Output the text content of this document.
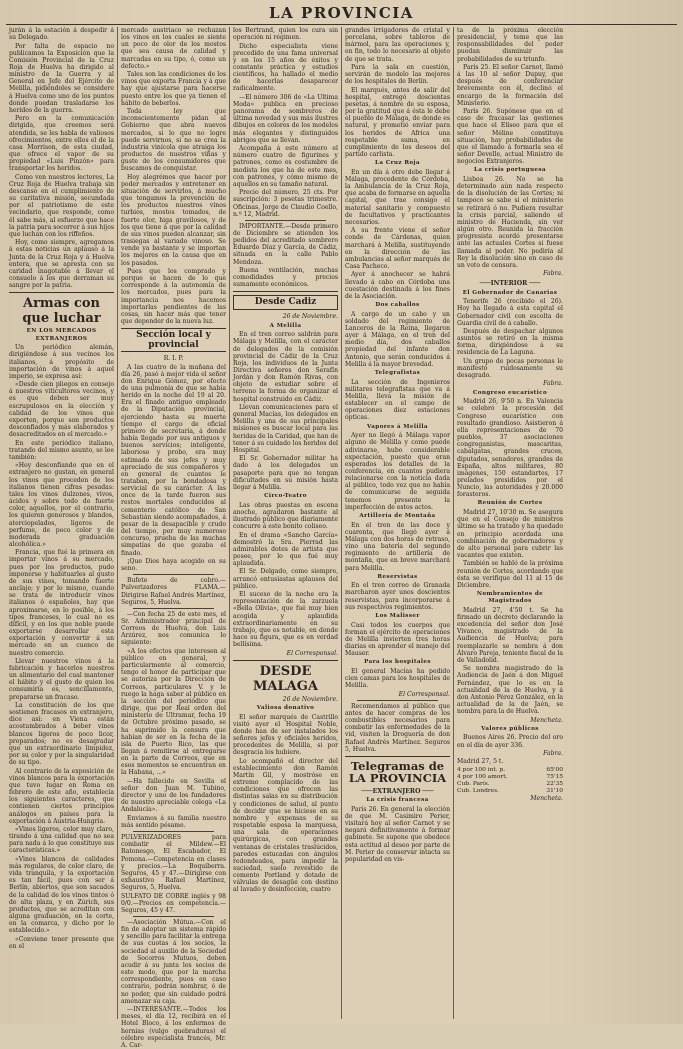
LA PROVINCIA

jurán á la estación á despedir á su Delegado.

Por falta de espacio no publicamos la Exposición que la Comisión Provincial de la Cruz Roja de Huelva ha dirigido al ministro de la Guerra y al General en Jefe del Ejército de Melilla, pidiéndoles se considere á Huelva como uno de los puntos donde puedan trasladarse los heridos de la guerra.

Pero en la comunicación dirigida, que creemos será atendida, se les habla de valiosos ofrecimientos, entre ellos el de la casa Morrison, de esta ciudad, que ofrece el vapor de su propiedad «Luis Pinzón» para transportar los heridos.

Como ven nuestros lectores, La Cruz Roja de Huelva trabaja sin descanso en el cumplimiento de su caritativa misión, secundada por el patriotismo de este vecindario, que responde, como él sabe más, al esfuerzo que hace la patria para socorrer á sus hijos que luchan con los riffeños.

Hoy, como siempre, agregamos á estas noticias un aplauso á la Junta de la Cruz Roja y á Huelva entera, que se apresta con su caridad inagotable á llevar el consuelo á los que derraman su sangre por la patria.

Armas con que luchar
EN LOS MERCADOS EXTRANJEROS

Un periódico alemán, dirigiéndose á sus vecinos los italianos, á propósito de importación de vinos á aquel imperio, se expresa así:

«Desde cien pliegos en consejo á nuestros viticultores vecinos, y es que deben ser muy escrupulosos en la elección y calidad de los vinos que exporten, porque son productos desconfiados y más elaborados y desacreditados en el mercado.»

En este periódico italiano, tratando del mismo asunto, se lee también:

«Hoy desconfiando que en el extranjero no gustan, en general los vinos que proceden de los italianos tienen cifras pesadas: tales los vinos dulzones, vivos, ácidos y sobre todo de fuerte color, aquellos, por el contrario, los quieren generosos y blandos, aterciopelados, ligeros de perfume, de poco color y de moderada graduación alcohólica.»

Francia, que fué la primera en importar vinos á su mercado, pues por los productos, pudo imponerse y habituarles al gusto de sus vinos, tomando fuerte anclaje; y por lo mismo, cuando se trata de introducir vinos italianos ó españoles, hay que aproximarse, en lo posible, á los tipos franceses, lo cual no es difícil, y en los que noble puede exportarse desarrollar esta exportación y convertir á un mercado en un cuenco de nuestro comercio.

Llevar nuestros vinos á la fabricación y hacerlos nuestros un alimentario del cual mantener el hábito y el gusto de quien los consumiría es, sencillamente, prepararse un fracaso.

La constitución de los que sostienen fracasos en extranjero, dice así: en Viena están acostumbrados á beber vinos blancos ligeros de poco licor, preparados; no es desagradar que un extraordinario limpidez, por su color y por la singularidad de su tipo.

Al contrario de la exposición de vinos blancos para la exportación que tuvo lugar en Roma en febrero de este año, establecía los siguientes caracteres, que contienen ciertos principios análogos en países para la exportación á Austria-Hungría.

«Vinos ligeros, color muy claro, tirando á una calidad que no sea para nada á lo que constituye sus características.»

«Vinos blancos de calidades más regulares, de color claro, de vida tranquila, y la exportación es tan fácil, pues con ser á Berlín, abiertos, que son sacados de la calidad de los vinos tintos ó de alta plaza, y en Zúrich, sus productos, que se acreditan con alguna graduación, en la corte, en la comarca, y dicho por lo establecido.»

«Conviene tener presente que en el

mercado austriaco se rechazan los vinos en los cuales se siente un poco de olor de los mostos que sea causa de calidad y marcadas en su tipo, ó, como un defecto.»

Tales son las condiciones de los vinos que exporta Francia y á que hay que ajustarse para hacerse puesto entre los que ya tienen el hábito de beberlos.

Toda ley que inconscientemente pidan al Gobierno que abra nuevos mercados, si lo que no logre puede servirnos, si no se crea la industria vinícola que atraiga los productos de nuestros viñas y guste de los consumidores que buscamos de conquistar.

Hoy alegrémos que hacer por poder mercados y entretener en situación de servirlos, á mucho que tengamos la prevención de los productos nuestros vinos turbios, mostos tomados, de fuerte olor, higa gravilosos, y de los que tiene á que por la calidad de sus vinos pueden alcanzar, sin trasiegas al variado vinoso. Se vende ya bastante y se importan los mejores en la causa que en los pasados.

Pues que los comprado y porque se hacen de lo que corresponde á la autonomía de los mercados, pues para la importancia nos hacemos importarlas pendientes de las cosas, sin hacer más que tener que depender de la nueva luz.

Sección local y provincial

R. I. P.

A las cuatro de la mañana del día 26, pasó á mejor vida el señor don Enrique Gómez, por efecto de una pulmonía de que se había herido en la noche del 19 al 20. Era el finado antiguo empleado de la Diputación provincial, ejerciendo hasta su muerte tiempo el cargo de oficial primero de secretaría, á donde había llegado por sus antiguos y buenos servicios; inteligente, laborioso y probo, era muy estimado de sus jefes y muy apreciado de sus compañeros y en general de cuantos le trataban, por la bondadosa y servicial de su carácter. A las once de la tarde fueron sus restos mortales conducidos al cementerio católico de San Sebastián siendo acompañados, á pesar de la desapacible y crudo del tiempo, por muy numeroso concurso, prueba de las muchas simpatías de que gozaba el finado.

¡Que Dios haya acogido en su seno.

Bufete de cobro.—Pulverizadores FLAMA.—Dirigirse Rafael Andrés Martínez, Seguros, 5, Huelva.

—Con fecha 25 de este mes, el Sr. Administrador principal de Correos de Huelva, don Luis Arzúrez, nos comunica lo siguiente:

«A los efectos que interesen al público en general, y particularmente al comercio, tengo el honor de participar que se autoriza por la Dirección de Correos, particulares V. y le ruego la haga saber al público en la sección del periódico que dirige, que por Real orden del ministerio de Ultramar, fecha 19 de Octubre próximo pasado, se ha suprimido la censura que habían de ser en la fecha de la isla de Puerto Rico, las que llegan á remitirse al entregarse en la parte de Correos, que en esos momentos se encuentran en la Habana, ...»

—Ha fallecido en Sevilla el señor don Juan M. Tubino, director y uno de los fundadores de nuestro apreciable colega «La Andalucía».

Enviamos á su familia nuestro más sentido pésame.

PULVERIZADORES para combatir el Mildew.—El Ratonesgo, El Escabador, El Pomona.—Competencia en clases y precios.—La Boquiberra. Seguros, 45 y 47.—Dirigirse con exhaustivo Rafael Martínez, Seguros, 5, Huelva.

SULFATO DE COBRE inglés y 98 0/0.—Precios en competencia.—Seguros, 45 y 47.

—Asociación Mútua.—Con el fin de adoptar un sistema rápido y sencillo para facilitar la entrega de sus cuotas á los socios, la sociedad al auxilio de la Sociedad de Socorros Mutuos, deben acudir á su junta los socios de este modo, que por la marcha correspondiente, pues en caso contrario, podrán nombrar, ó de no poder, que sin cuidado podrá amenazar su caja.

—INTERESANTE.—Todos los meses, el día 12, recibirá en el Hotel Bloco, á los enfermos de hernias (vulgo quebraduras) el célebre especialista francés, Mr. A. Car-

los Bertrand, quien los cura sin operación ni régimen.

Dicho especialista viene precedido de una fama universal y en los 15 años de éxitos y constante práctica y estudios científicos, ha hallado el medio de hacerlas desaparecer radicalmente.

—El número 306 de «La Ultima Moda» publica en precioso panorama de sombreros de última novedad y sus más ilustres dibujos en colores de los modelos más elegantes y distinguidos abrigos que se llevan.

Acompaña á este número el número cuatro de figurines y patrones, como es costumbre de modista los que ha de este mes, con patrones, y cómo mismo de aquellos en su tamaño natural.

Precio del número, 25 cts. Por suscripción: 3 pesetas trimestre. Oficinas, Jorge de Claudio Coello, n.º 12, Madrid.

IMPORTANTE.—Desde primero de Diciembre se atienden los pedidos del acreditado sombrero Eduardo Díaz y García, de Cádiz, situada en la calle Pablo Mendoza.

Buena ventilación, muchas comodidades y precios sumamente económicos.

Desde Cadiz

26 de Noviembre.

A Melilla

En el tren correo saldrán para Málaga y Melilla, con el carácter de delegados de la comisión provincial de Cádiz de la Cruz Roja, los individuos de la Junta Directiva señores don Serafín Jordán y don Ramón Rivas, con objeto de estudiar sobre el terreno la forma de organizar el hospital construido en Cádiz.

Llevan comunicaciones para el general Macías, los delegados en Melilla y una de sus principales misiones es buscar local para las heridas de la Caridad, que han de tener á su cuidado los heridos del Hospital.

El Sr. Gobernador militar ha dado á los delegados un pasaporte para que no tengan dificultades en su misión hasta llegar á Melilla.

Circo-Teatro

Las obras puestas en escena anoche, agradaron bastante al ilustrado público que diariamente concurre á este bonito coliseo.

En el drama «Sancho García» demostró la Sra. Pierrad las admirables dotes de artista que posee, por lo que fué muy aplaudida.

El Sr. Delgado, como siempre, arrancó entusiastas aplausos del público.

El suceso de la noche era la representación de la zarzuela «Bella Olivia», que fué muy bien acogida y aplaudida extraordinariamente en su trabajo, que es notable, en donde hace su figura, que es en verdad bellísima.

El Corresponsal.

DESDE MALAGA

26 de Noviembre.

Valiosa donativo

El señor marqués de Castrillo visitó ayer el Hospital Noble, donde han de ser instalados los señores jefes y oficiales heridos, procedentes de Melilla, si por desgracia los hubiere.

Lo acompañó el director del establecimiento don Ramón Martín Gil, y mostróse en extremo complacido de las condiciones que ofrecen las distintas salas en su distribución y condiciones de salud, al punto de decidir que se hiciese en su nombre y expensas de su respetable esposa la marquesa, una sala de operaciones quirúrgicas, con grandes ventanas de cristales traslúcidos, paredes estucadas con ángulos redondeados, para impedir la suciedad, suelo revestido de cemento Portland y dotado de válvulas de desagüe con destino al lavado y desinfección, cuatro

grandes irrigadores de cristal y porcelana, sobre tableros de mármol, para las operaciones y, en fin, todo lo necesario al objeto de que se trata.

Para la sala en cuestión, servirán de modelo las mejores de los hospitales de Berlín.

El marqués, antes de salir del hospital, entregó doscientas pesetas, á nombre de su esposa, por la gratitud que á ésta le debe el pueblo de Málaga, de donde es natural, y prometió enviar para los heridos de Africa una respetable suma, en cumplimiento de los deseos del partido carlista.

La Cruz Roja

En un día á otro debe llegar á Málaga, procedente de Córdoba, la Ambulancia de la Cruz Roja, que acaba de formarse en aquella capital, que trae consigo el material sanitario y compuesto de facultativos y practicantes necesarios.

A su frente viene el señor conde de Cárdenas, quien marchará á Melilla, sustituyendo en la dirección de las ambulancias al señor marqués de Casa Pacheco.

Ayer á anochecer se habrá llevado á cabo en Córdoba una cuestación destinada á los fines de la Asociación.

Dos caballos

A cargo de un cabo y un soldado del regimiento de Lanceros de la Reina, llegaron ayer á Málaga, en el tren del medio día, dos caballos propiedad del infante don Antonio, que serán conducidos á Melilla á la mayor brevedad.

Telegrafistas

La sección de Ingenieros militares telegrafistas que va á Melilla, lleva la misión de establecer en el campo de operaciones diez estaciones ópticas.

Vapores á Melilla

Ayer no llegó á Málaga vapor alguno de Melilla y como puede adivinarse, hubo considerable expectación, puesto que eran esperados los detalles de la conferencia, en cuantos pudiera relacionarse con la noticia dada al público, todo vez que no había de comunicarse de seguida tenemos presente la imperfección de estos actos.

Artillería de Montaña

En el tren de las doce y cuarenta, que llegó ayer á Málaga con dos horas de retraso, vino una batería del segundo regimiento de artillería de montaña, que en breve marchará para Melilla.

Reservistas

En el tren correo de Granada marcharon ayer unos doscientos reservistas, para incorporarse á sus respectivos regimientos.

Los Malisser

Casi todos los cuerpos que forman el ejército de operaciones de Melilla invierten tres horas diarias en aprender el manejo del Mauser.

Para los hospitales

El general Macías ha pedido cien camas para los hospitales de Melilla.

El Corresponsal.

Recomendamos al público que antes de hacer compras de los combustibles necesarios para combatir las enfermedades de la vid, visiten la Droguería de don Rafael Andrés Martínez. Seguros 5, Huelva.

Telegramas de LA PROVINCIA
─── EXTRANJERO ───
La crisis francesa

París 26. En general la elección de que M. Casimiro Perier, visitará hoy al señor Carnot y se negará definitivamente á formar gabinete. Se supone que obedece esta actitud al deseo por parte de M. Perier de conservar intacta su popularidad en vis-

ta de la próxima elección presidencial, y teme que las responsabilidades del poder puedan disminuir las probabilidades de su triunfo.

París 25. El señor Carnot, llamó á las 10 al señor Dupuy, que después de conferenciar brevemente con él, declinó el encargo de la formación del Ministerio.

París 26. Supónese que en el caso de fracasar las gestiones que hace el Elíseo para que el señor Méline constituya situación, hay probabilidades de que el llamado á formarla sea el señor Develle, actual Ministro de negocios Extranjeros.

La crisis portuguesa

Lisboa 26. No se ha determinado aún nada respecto de la disolución de las Cortes; ni tampoco se sabe si el ministerio se retirará ó no. Pudiera resultar la crisis parcial, saliendo el ministro de Hacienda, sin ver algún otro. Reunida la fracción progresista acordó presentarse ante las actuales Cortes si fuese llamada al poder. No pediría al Rey la disolución sino en caso de un voto de censura.

Fabra.

─── INTERIOR ───
El Gobernador de Canarias

Tenerife 26 (recibido el 26). Hoy ha llegado á esta capital el Gobernador civil con escolta de Guardia civil de á caballo.

Después de despachar algunos asuntos se retiró en la misma forma, dirigiéndose á su residencia de La Laguna.

Un grupo de pocas personas le manifestó ruidosamente su desagrado.

Fabra.

Congreso eucarístico

Madrid 26, 9'50 n. En Valencia se celebró la procesión del Congreso eucarístico con resultado grandioso. Asistieron á ella representaciones de 70 pueblos, 37 asociaciones congreganistas, mascaritas, cabalgatas, grandes cruces, diputados, senadores, grandes de España, altos militares, 80 imágenes, 150 estandartes, 17 prelados presididos por el Nuncio, las autoridades y 20.000 forasteros.

Reunión de Cortes

Madrid 27, 10'30 m. Se asegura que en el Consejo de ministros último se ha tratado y ha quedado en principio acordada una combinación de gobernadores y de alto personal para cubrir las vacantes que existen.

También se habló de la próxima reunión de Cortes, acordando que ésta se verifique del 11 al 15 de Diciembre.

Nombramientos de Magistrados

Madrid 27, 4'50 t. Se ha firmado un decreto declarando la excedencia del señor don José Vivanco, magistrado de la Audiencia de Huelva; para reemplazarle se nombra á don Álvaro Pareja, teniente fiscal de la de Valladolid.

Se nombra magistrado de la Audiencia de Jaén á don Miguel Fernández, que lo es en la actualidad de la de Huelva, y á don Antonio Pérez González, en la actualidad de la de Jaén, se nombra para la de Huelva.

Mencheta.

Valores públicos

Buenos Aires 26. Precio del oro en el día de ayer 336.

Fabra.

Madrid 27, 5 t.

4 por 100 int. p.	65'00
4 por 100 amort.	75'15
Cub. París.	22'35
Cub. Londres.	31'10

Mencheta.
